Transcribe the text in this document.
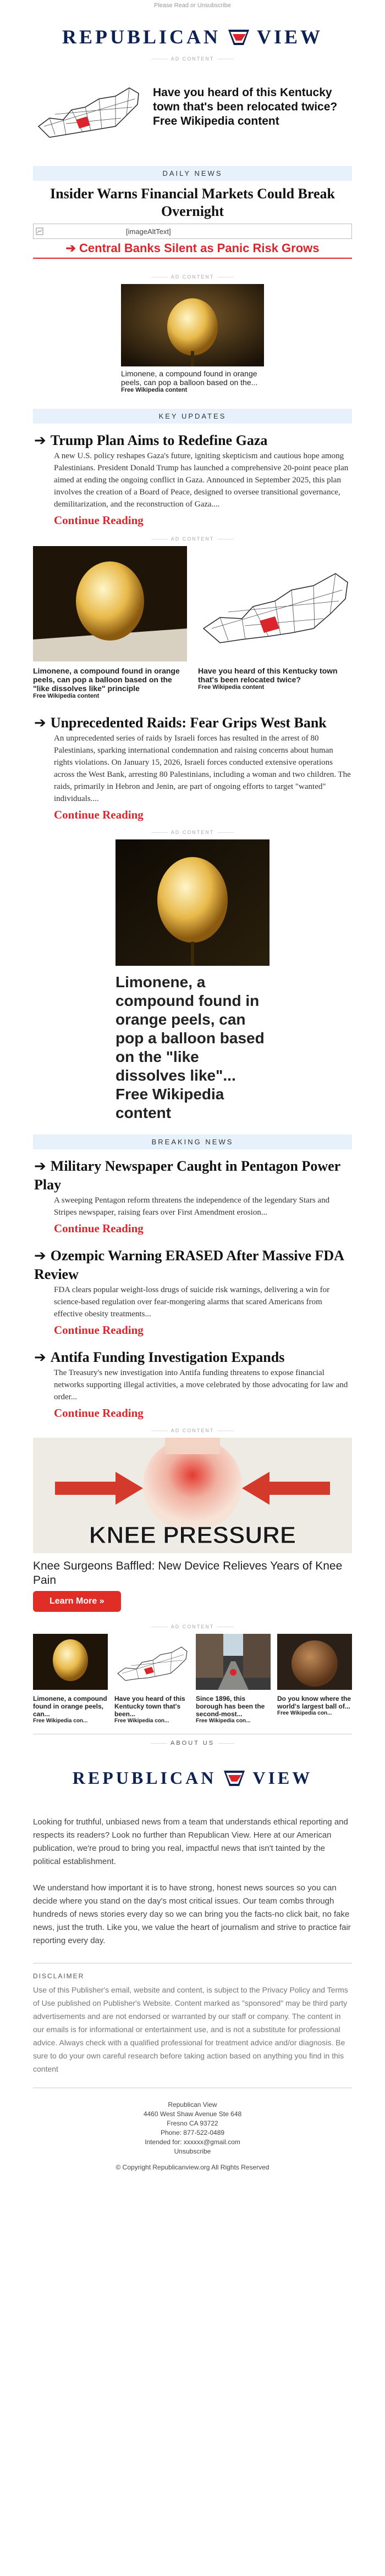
Please Read or Unsubscribe
REPUBLICAN VIEW
AD CONTENT
Have you heard of this Kentucky town that's been relocated twice? Free Wikipedia content
DAILY NEWS
Insider Warns Financial Markets Could Break Overnight
[imageAltText]
➔ Central Banks Silent as Panic Risk Grows
AD CONTENT
Limonene, a compound found in orange peels, can pop a balloon based on the...
Free Wikipedia content
KEY UPDATES
➔ Trump Plan Aims to Redefine Gaza

A new U.S. policy reshapes Gaza's future, igniting skepticism and cautious hope among Palestinians. President Donald Trump has launched a comprehensive 20-point peace plan aimed at ending the ongoing conflict in Gaza. Announced in September 2025, this plan involves the creation of a Board of Peace, designed to oversee transitional governance, demilitarization, and the reconstruction of Gaza....

Continue Reading
AD CONTENT
Limonene, a compound found in orange peels, can pop a balloon based on the "like dissolves like" principle
Free Wikipedia content
Have you heard of this Kentucky town that's been relocated twice?
Free Wikipedia content
➔ Unprecedented Raids: Fear Grips West Bank

An unprecedented series of raids by Israeli forces has resulted in the arrest of 80 Palestinians, sparking international condemnation and raising concerns about human rights violations. On January 15, 2026, Israeli forces conducted extensive operations across the West Bank, arresting 80 Palestinians, including a woman and two children. The raids, primarily in Hebron and Jenin, are part of ongoing efforts to target "wanted" individuals....

Continue Reading
AD CONTENT
Limonene, a compound found in orange peels, can pop a balloon based on the "like dissolves like"... Free Wikipedia content
BREAKING NEWS
➔ Military Newspaper Caught in Pentagon Power Play

A sweeping Pentagon reform threatens the independence of the legendary Stars and Stripes newspaper, raising fears over First Amendment erosion...

Continue Reading
➔ Ozempic Warning ERASED After Massive FDA Review

FDA clears popular weight-loss drugs of suicide risk warnings, delivering a win for science-based regulation over fear-mongering alarms that scared Americans from effective obesity treatments...

Continue Reading
➔ Antifa Funding Investigation Expands

The Treasury's new investigation into Antifa funding threatens to expose financial networks supporting illegal activities, a move celebrated by those advocating for law and order...

Continue Reading
AD CONTENT
KNEE PRESSURE
Knee Surgeons Baffled: New Device Relieves Years of Knee Pain
Learn More »
AD CONTENT
Limonene, a compound found in orange peels, can...
Free Wikipedia con...
Have you heard of this Kentucky town that's been...
Free Wikipedia con...
Since 1896, this borough has been the second-most...
Free Wikipedia con...
Do you know where the world's largest ball of...
Free Wikipedia con...
ABOUT US
REPUBLICAN VIEW

Looking for truthful, unbiased news from a team that understands ethical reporting and respects its readers? Look no further than Republican View. Here at our American publication, we're proud to bring you real, impactful news that isn't tainted by the political establishment.

We understand how important it is to have strong, honest news sources so you can decide where you stand on the day's most critical issues. Our team combs through hundreds of news stories every day so we can bring you the facts-no click bait, no fake news, just the truth. Like you, we value the heart of journalism and strive to practice fair reporting every day.

DISCLAIMER

Use of this Publisher's email, website and content, is subject to the Privacy Policy and Terms of Use published on Publisher's Website. Content marked as "sponsored" may be third party advertisements and are not endorsed or warranted by our staff or company. The content in our emails is for informational or entertainment use, and is not a substitute for professional advice. Always check with a qualified professional for treatment advice and/or diagnosis. Be sure to do your own careful research before taking action based on anything you find in this content

Republican View
4460 West Shaw Avenue Ste 648
Fresno CA 93722
Phone: 877-522-0489
Intended for: xxxxxx@gmail.com
Unsubscribe
© Copyright Republicanview.org All Rights Reserved
